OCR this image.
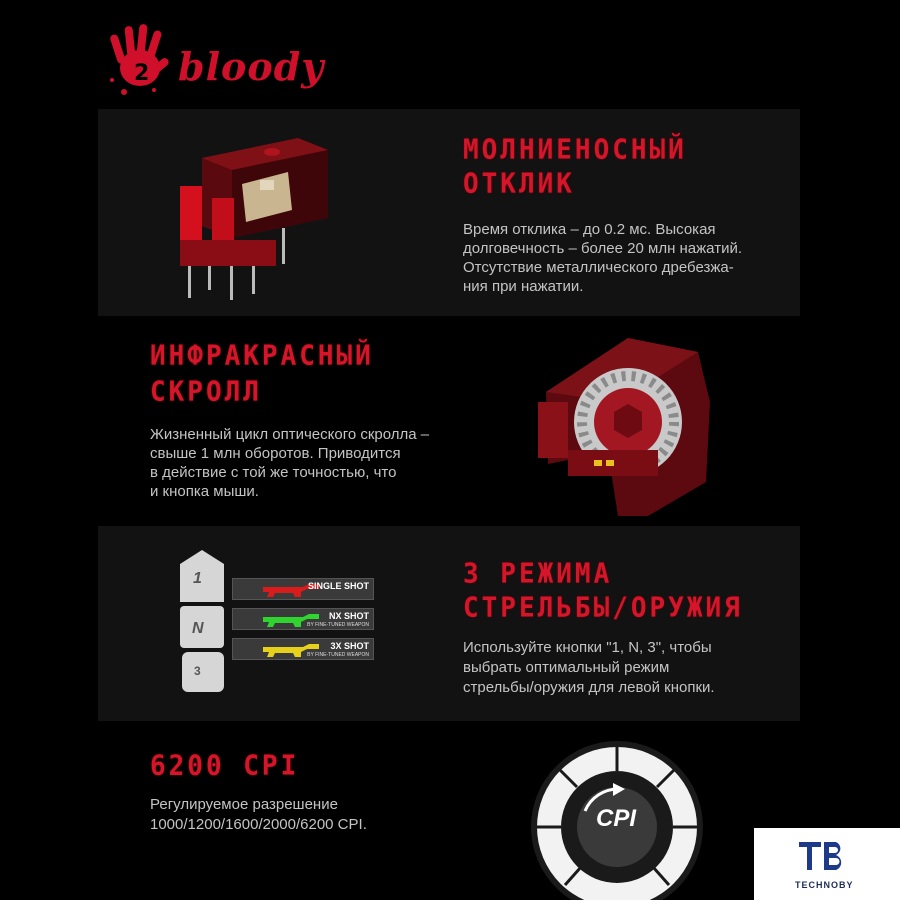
2 bloody
МОЛНИЕНОСНЫЙ
ОТКЛИК
Время отклика – до 0.2 мс. Высокая
долговечность – более 20 млн нажатий.
Отсутствие металлического дребезжа-
ния при нажатии.
ИНФРАКРАСНЫЙ
СКРОЛЛ
Жизненный цикл оптического скролла –
свыше 1 млн оборотов. Приводится
в действие с той же точностью, что
и кнопка мыши.
1
N
3
SINGLE SHOT
NX SHOT
BY FINE-TUNED WEAPON
3X SHOT
BY FINE-TUNED WEAPON
3 РЕЖИМА
СТРЕЛЬБЫ/ОРУЖИЯ
Используйте кнопки "1, N, 3", чтобы
выбрать оптимальный режим
стрельбы/оружия для левой кнопки.
6200 CPI
Регулируемое разрешение
1000/1200/1600/2000/6200 CPI.	CPI
TECHNOBY
